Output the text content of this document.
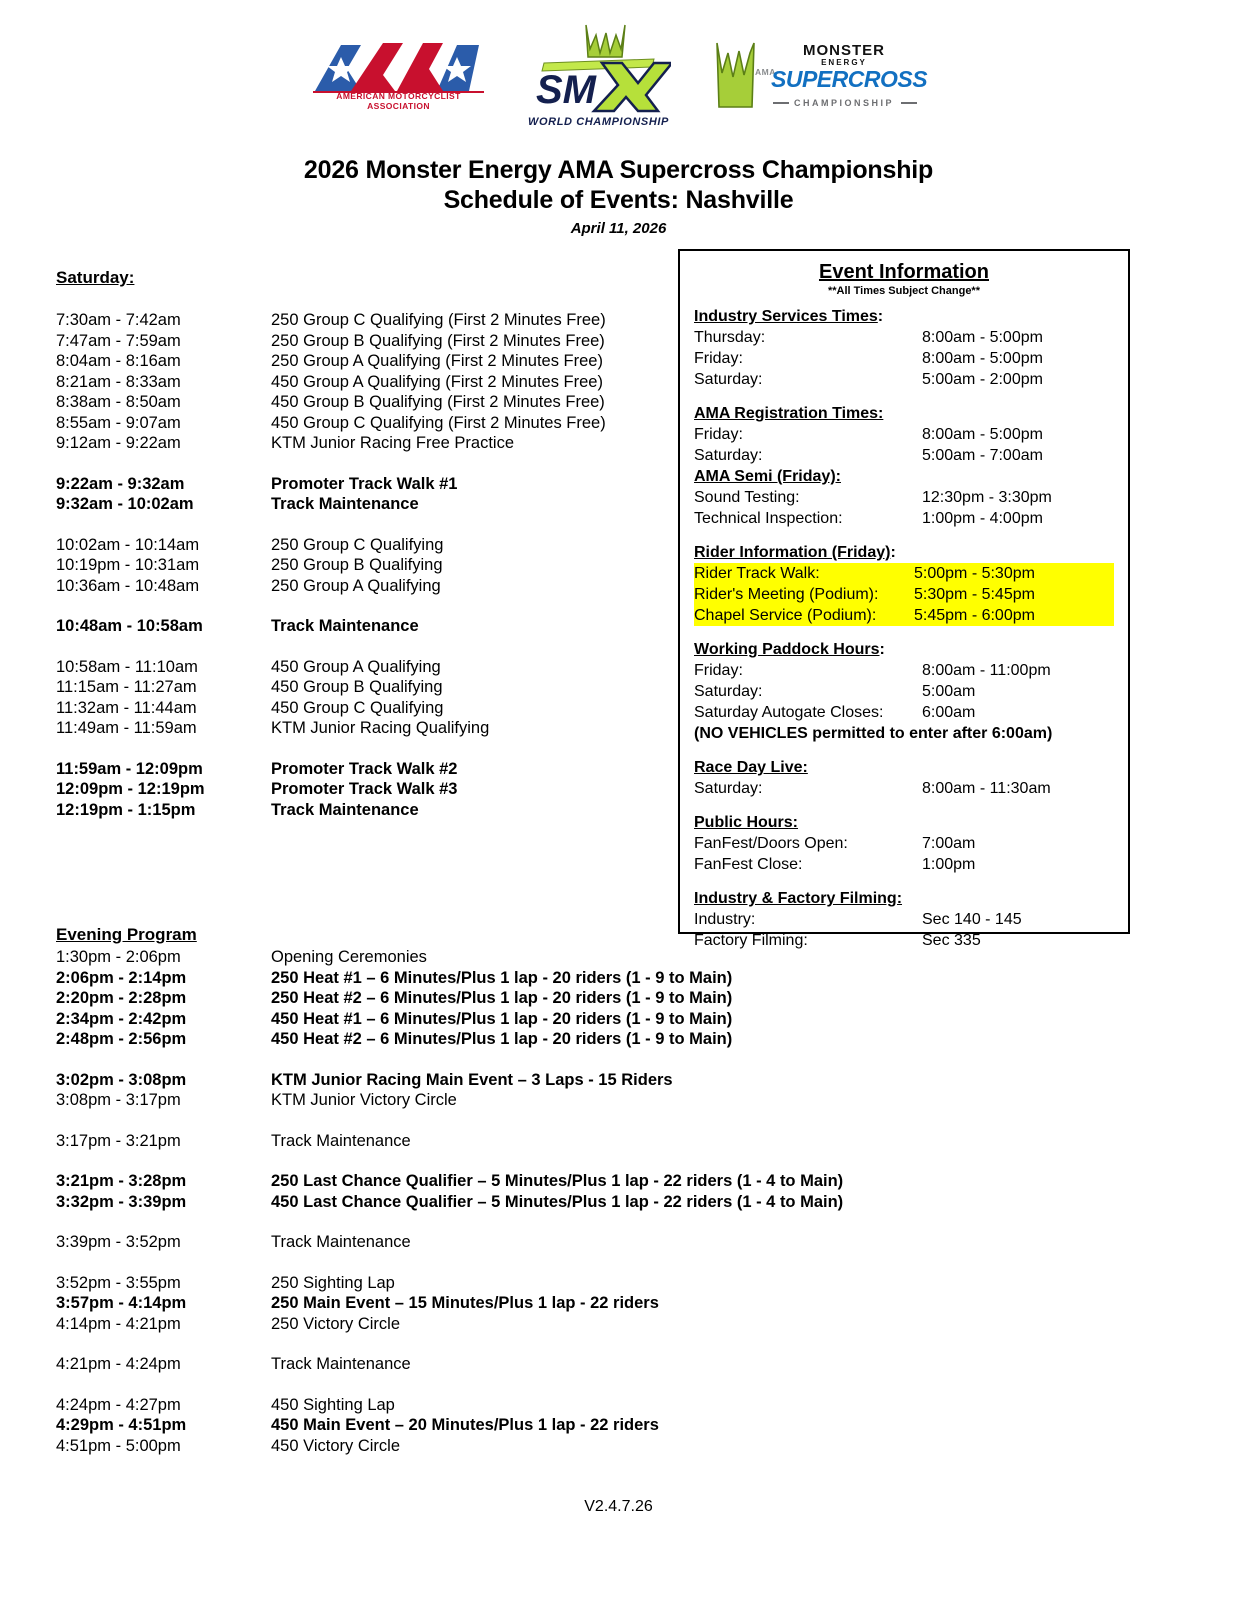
AMERICAN MOTORCYCLIST ASSOCIATION	SM
WORLD CHAMPIONSHIP
MONSTER
ENERGY
AMA
SUPERCROSS
CHAMPIONSHIP
2026 Monster Energy AMA Supercross Championship
Schedule of Events: Nashville
April 11, 2026
Saturday:
7:30am - 7:42am	250 Group C Qualifying (First 2 Minutes Free)
7:47am - 7:59am	250 Group B Qualifying (First 2 Minutes Free)
8:04am - 8:16am	250 Group A Qualifying (First 2 Minutes Free)
8:21am - 8:33am	450 Group A Qualifying (First 2 Minutes Free)
8:38am - 8:50am	450 Group B Qualifying (First 2 Minutes Free)
8:55am - 9:07am	450 Group C Qualifying (First 2 Minutes Free)
9:12am - 9:22am	KTM Junior Racing Free Practice
9:22am - 9:32am	Promoter Track Walk #1
9:32am - 10:02am	Track Maintenance
10:02am - 10:14am	250 Group C Qualifying
10:19pm - 10:31am	250 Group B Qualifying
10:36am - 10:48am	250 Group A Qualifying
10:48am - 10:58am	Track Maintenance
10:58am - 11:10am	450 Group A Qualifying
11:15am - 11:27am	450 Group B Qualifying
11:32am - 11:44am	450 Group C Qualifying
11:49am - 11:59am	KTM Junior Racing Qualifying
11:59am - 12:09pm	Promoter Track Walk #2
12:09pm - 12:19pm	Promoter Track Walk #3
12:19pm - 1:15pm	Track Maintenance
Evening Program
1:30pm - 2:06pm	Opening Ceremonies
2:06pm - 2:14pm	250 Heat #1 – 6 Minutes/Plus 1 lap - 20 riders (1 - 9 to Main)
2:20pm - 2:28pm	250 Heat #2 – 6 Minutes/Plus 1 lap - 20 riders (1 - 9 to Main)
2:34pm - 2:42pm	450 Heat #1 – 6 Minutes/Plus 1 lap - 20 riders (1 - 9 to Main)
2:48pm - 2:56pm	450 Heat #2 – 6 Minutes/Plus 1 lap - 20 riders (1 - 9 to Main)
3:02pm - 3:08pm	KTM Junior Racing Main Event – 3 Laps - 15 Riders
3:08pm - 3:17pm	KTM Junior Victory Circle
3:17pm - 3:21pm	Track Maintenance
3:21pm - 3:28pm	250 Last Chance Qualifier – 5 Minutes/Plus 1 lap - 22 riders (1 - 4 to Main)
3:32pm - 3:39pm	450 Last Chance Qualifier – 5 Minutes/Plus 1 lap - 22 riders (1 - 4 to Main)
3:39pm - 3:52pm	Track Maintenance
3:52pm - 3:55pm	250 Sighting Lap
3:57pm - 4:14pm	250 Main Event – 15 Minutes/Plus 1 lap - 22 riders
4:14pm - 4:21pm	250 Victory Circle
4:21pm - 4:24pm	Track Maintenance
4:24pm - 4:27pm	450 Sighting Lap
4:29pm - 4:51pm	450 Main Event – 20 Minutes/Plus 1 lap - 22 riders
4:51pm - 5:00pm	450 Victory Circle
Event Information
**All Times Subject Change**
Industry Services Times:
Thursday:	8:00am - 5:00pm
Friday:	8:00am - 5:00pm
Saturday:	5:00am - 2:00pm
AMA Registration Times:
Friday:	8:00am - 5:00pm
Saturday:	5:00am - 7:00am
AMA Semi (Friday):
Sound Testing:	12:30pm - 3:30pm
Technical Inspection:	1:00pm - 4:00pm
Rider Information (Friday):
Rider Track Walk:	5:00pm - 5:30pm
Rider's Meeting (Podium):	5:30pm - 5:45pm
Chapel Service (Podium):	5:45pm - 6:00pm
Working Paddock Hours:
Friday:	8:00am - 11:00pm
Saturday:	5:00am
Saturday Autogate Closes:	6:00am
(NO VEHICLES permitted to enter after 6:00am)
Race Day Live:
Saturday:	8:00am - 11:30am
Public Hours:
FanFest/Doors Open:	7:00am
FanFest Close:	1:00pm
Industry & Factory Filming:
Industry:	Sec 140 - 145
Factory Filming:	Sec 335
V2.4.7.26
